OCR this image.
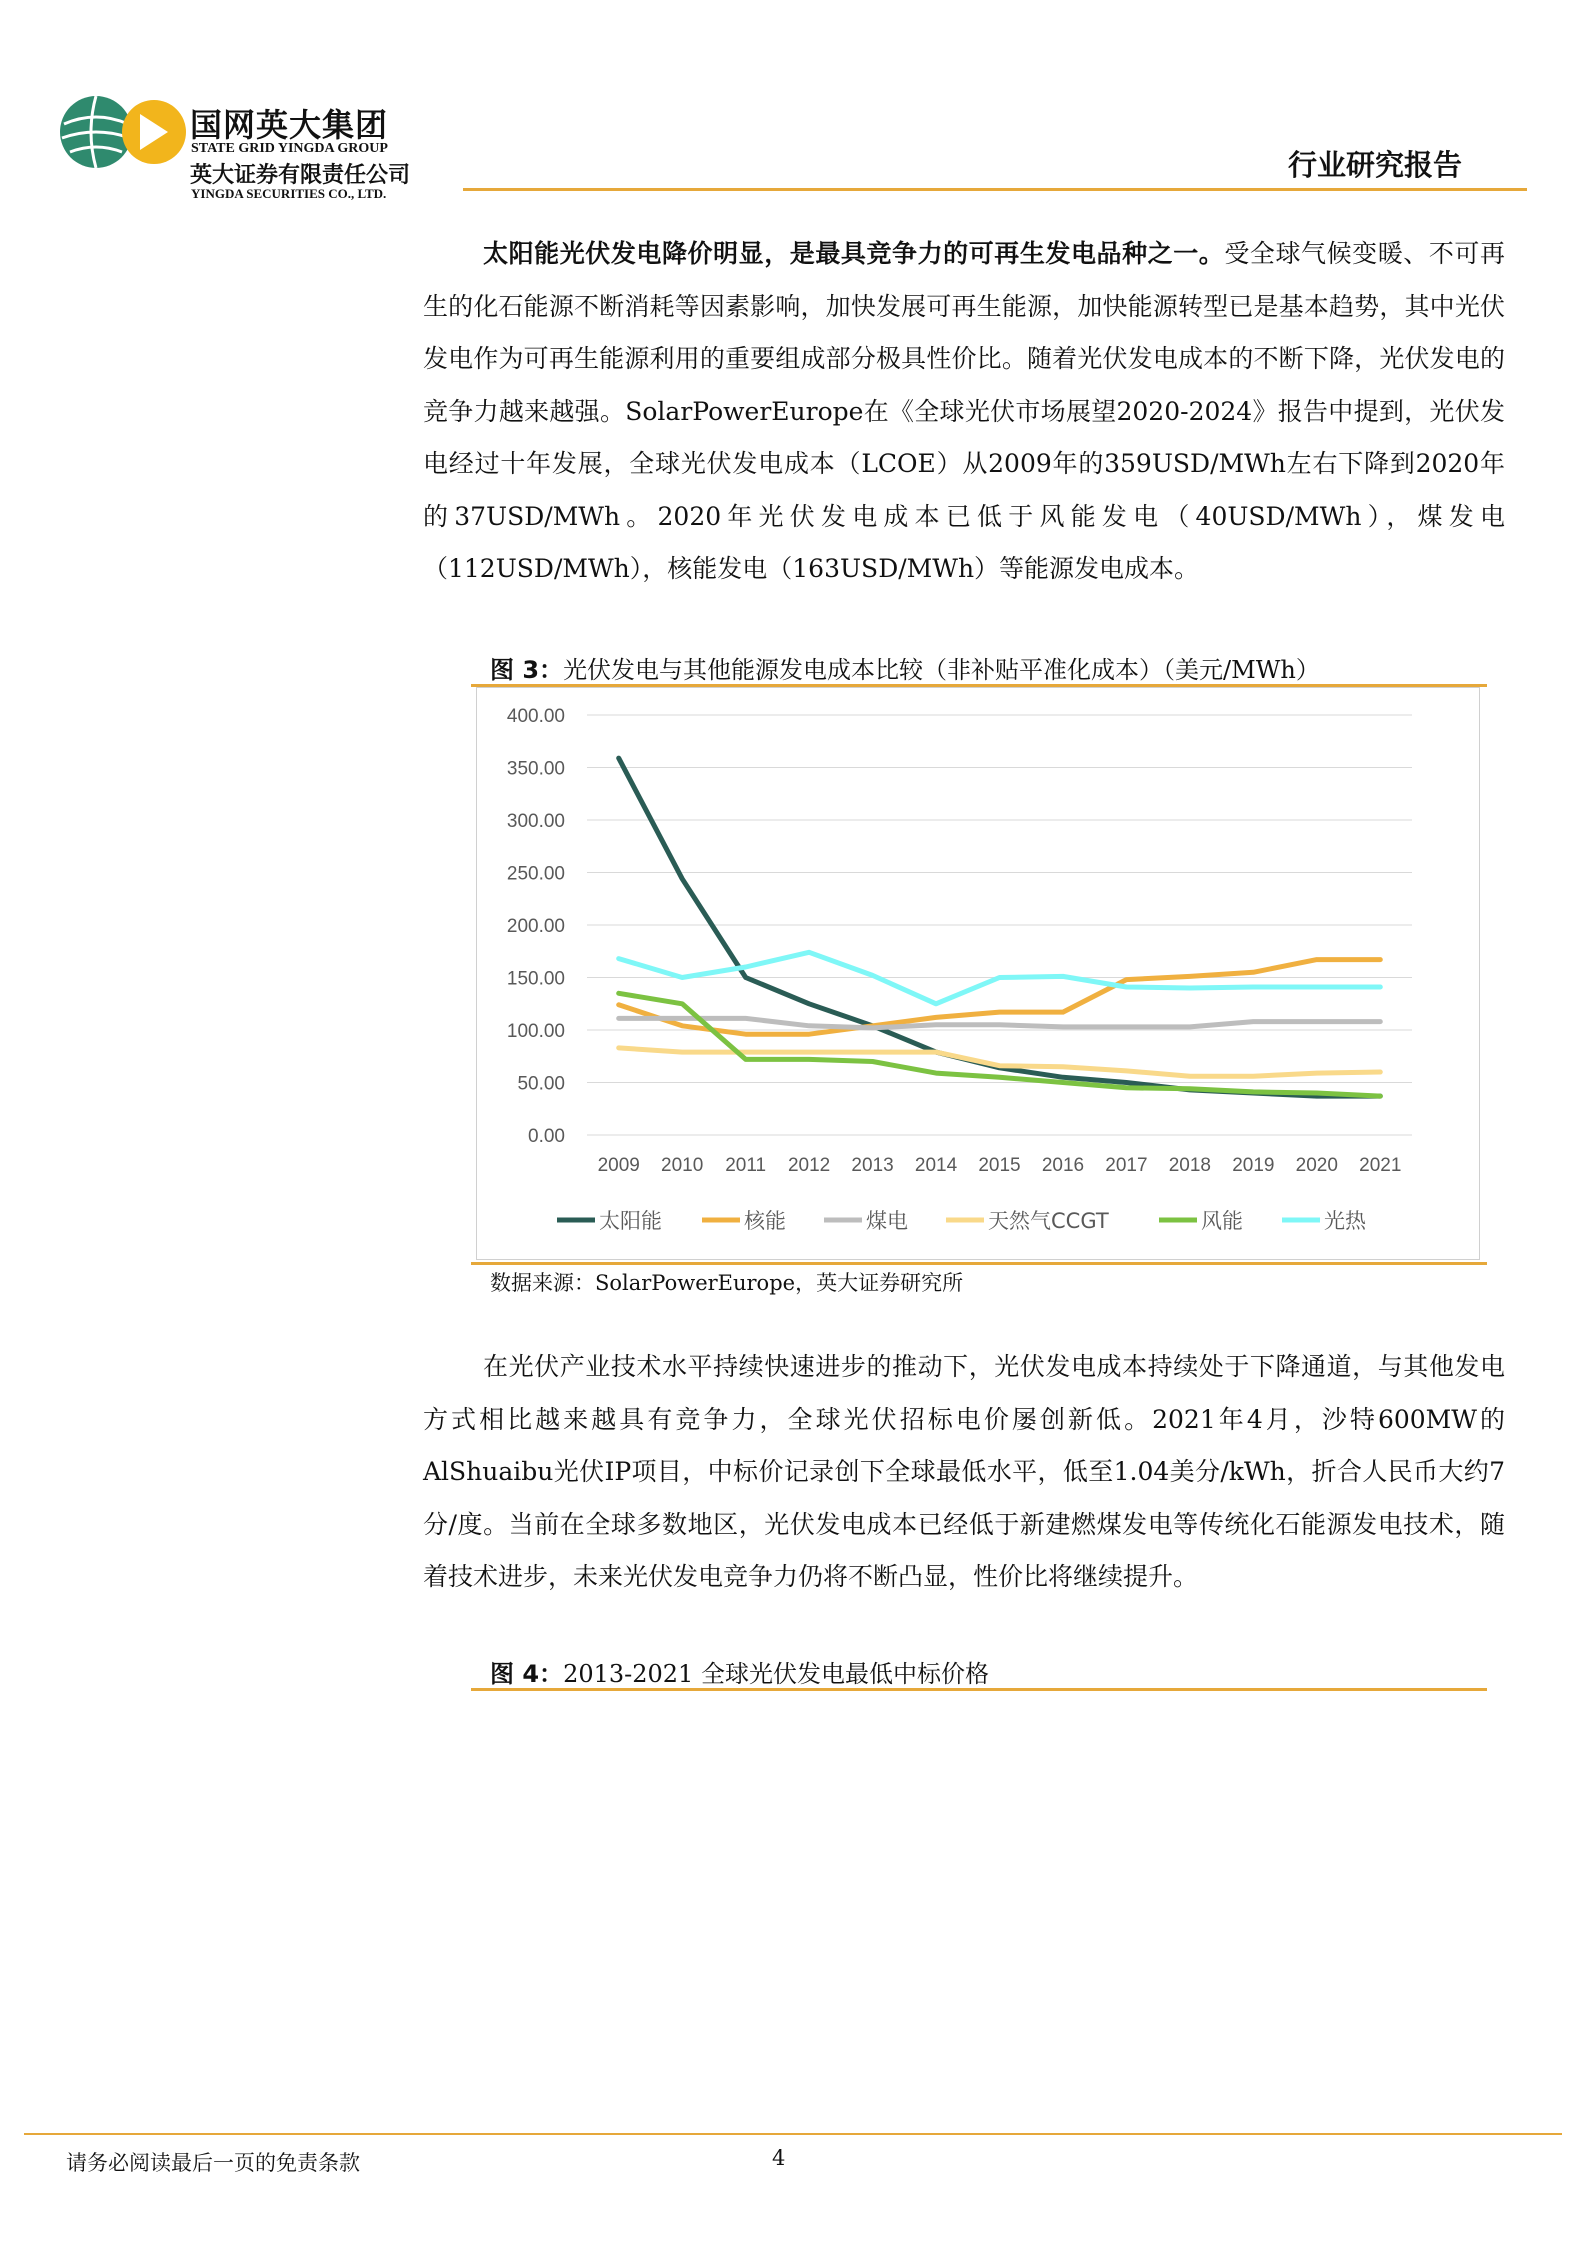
国网英大集团
STATE GRID YINGDA GROUP
英大证券有限责任公司
YINGDA SECURITIES CO., LTD.
行业研究报告
太阳能光伏发电降价明显，是最具竞争力的可再生发电品种之一。受全球气候变暖、不可再生的化石能源不断消耗等因素影响，加快发展可再生能源，加快能源转型已是基本趋势，其中光伏发电作为可再生能源利用的重要组成部分极具性价比。随着光伏发电成本的不断下降，光伏发电的竞争力越来越强。SolarPowerEurope在《全球光伏市场展望2020-2024》报告中提到，光伏发电经过十年发展，全球光伏发电成本（LCOE）从2009年的359USD/MWh左右下降到2020年的37USD/MWh。2020年光伏发电成本已低于风能发电（40USD/MWh），煤发电（112USD/MWh），核能发电（163USD/MWh）等能源发电成本。
图 3：光伏发电与其他能源发电成本比较（非补贴平准化成本）（美元/MWh）
0.00
50.00
100.00
150.00
200.00
250.00
300.00
350.00
400.00
2009 2010 2011 2012 2013 2014 2015 2016 2017 2018 2019 2020 2021
太阳能	核能	煤电	天然气CCGT	风能	光热
数据来源：SolarPowerEurope，英大证券研究所
在光伏产业技术水平持续快速进步的推动下，光伏发电成本持续处于下降通道，与其他发电方式相比越来越具有竞争力，全球光伏招标电价屡创新低。2021年4月，沙特600MW的AlShuaibu光伏IP项目，中标价记录创下全球最低水平，低至1.04美分/kWh，折合人民币大约7分/度。当前在全球多数地区，光伏发电成本已经低于新建燃煤发电等传统化石能源发电技术，随着技术进步，未来光伏发电竞争力仍将不断凸显，性价比将继续提升。
图 4：2013-2021 全球光伏发电最低中标价格
请务必阅读最后一页的免责条款	4
